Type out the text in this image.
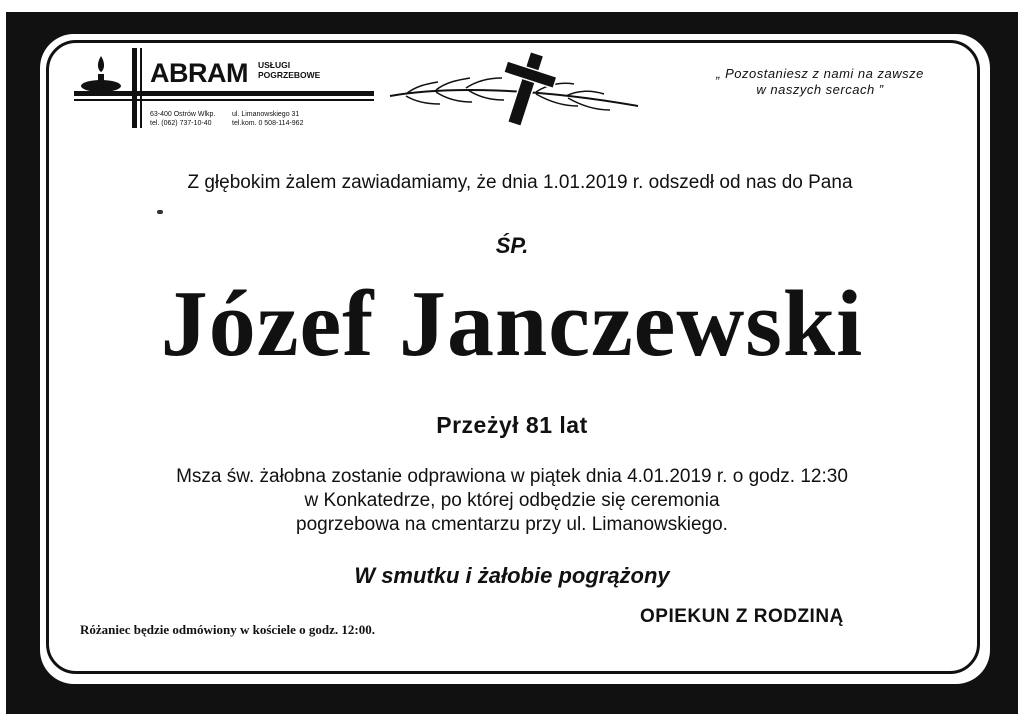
ABRAM USŁUGI POGRZEBOWE
63-400 Ostrów Wlkp.
tel. (062) 737-10-40
ul. Limanowskiego 31
tel.kom. 0 508-114-962
„ Pozostaniesz z nami na zawsze
w naszych sercach ”
Z głębokim żalem zawiadamiamy, że dnia 1.01.2019 r. odszedł od nas do Pana
ŚP.
Józef Janczewski
Przeżył 81 lat
Msza św. żałobna zostanie odprawiona w piątek dnia 4.01.2019 r. o godz. 12:30
w Konkatedrze, po której odbędzie się ceremonia
pogrzebowa na cmentarzu przy ul. Limanowskiego.
W smutku i żałobie pogrążony
OPIEKUN Z RODZINĄ
Różaniec będzie odmówiony w kościele o godz. 12:00.
